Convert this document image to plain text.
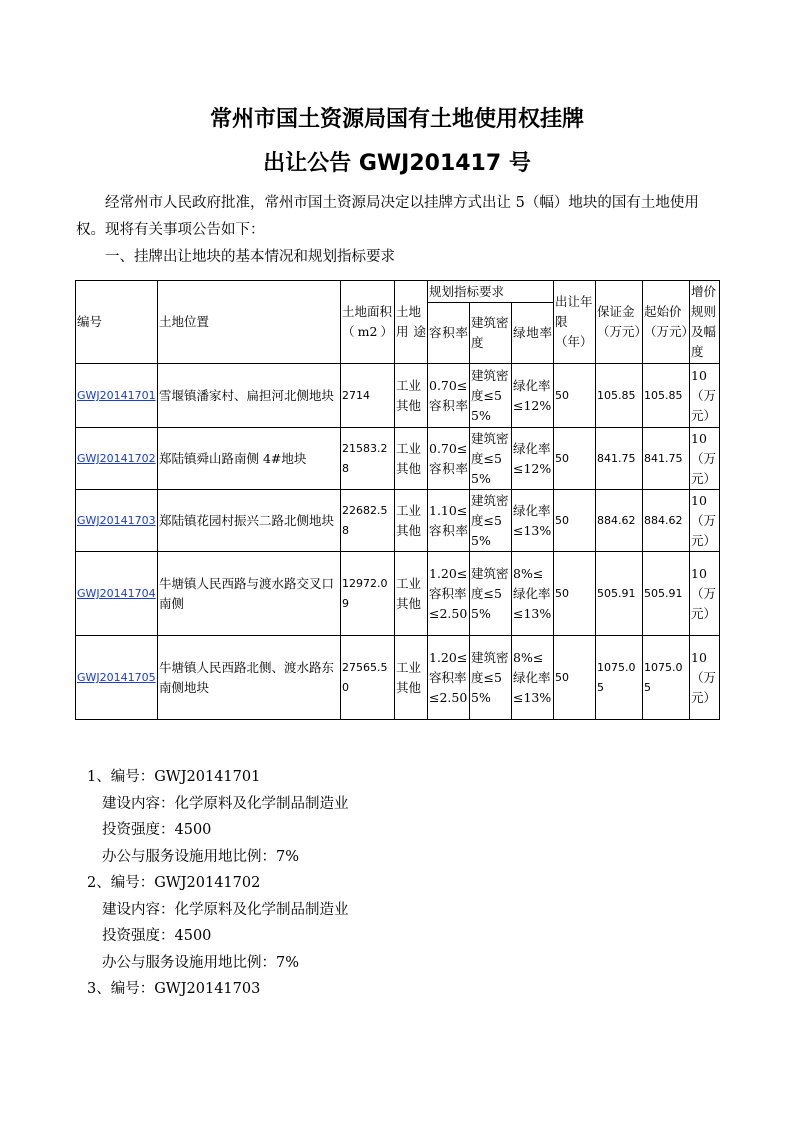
常州市国土资源局国有土地使用权挂牌
出让公告 GWJ201417 号
经常州市人民政府批准，常州市国土资源局决定以挂牌方式出让 5（幅）地块的国有土地使用权。现将有关事项公告如下：
一、挂牌出让地块的基本情况和规划指标要求
编号	土地位置	土地面积（m2）	土地用途	规划指标要求			出让年限（年）	保证金（万元）	起始价（万元）	增价规则及幅度
				容积率	建筑密度	绿地率				
GWJ20141701	雪堰镇潘家村、扁担河北侧地块	2714	工业其他	0.70≤容积率	建筑密度≤55%	绿化率≤12%	50	105.85	105.85	10（万元）
GWJ20141702	郑陆镇舜山路南侧 4#地块	21583.28	工业其他	0.70≤容积率	建筑密度≤55%	绿化率≤12%	50	841.75	841.75	10（万元）
GWJ20141703	郑陆镇花园村振兴二路北侧地块	22682.58	工业其他	1.10≤容积率	建筑密度≤55%	绿化率≤13%	50	884.62	884.62	10（万元）
GWJ20141704	牛塘镇人民西路与渡水路交叉口南侧	12972.09	工业其他	1.20≤容积率≤2.50	建筑密度≤55%	8%≤绿化率≤13%	50	505.91	505.91	10（万元）
GWJ20141705	牛塘镇人民西路北侧、渡水路东南侧地块	27565.50	工业其他	1.20≤容积率≤2.50	建筑密度≤55%	8%≤绿化率≤13%	50	1075.05	1075.05	10（万元）
1、编号：GWJ20141701
建设内容：化学原料及化学制品制造业
投资强度：4500
办公与服务设施用地比例：7%
2、编号：GWJ20141702
建设内容：化学原料及化学制品制造业
投资强度：4500
办公与服务设施用地比例：7%
3、编号：GWJ20141703
